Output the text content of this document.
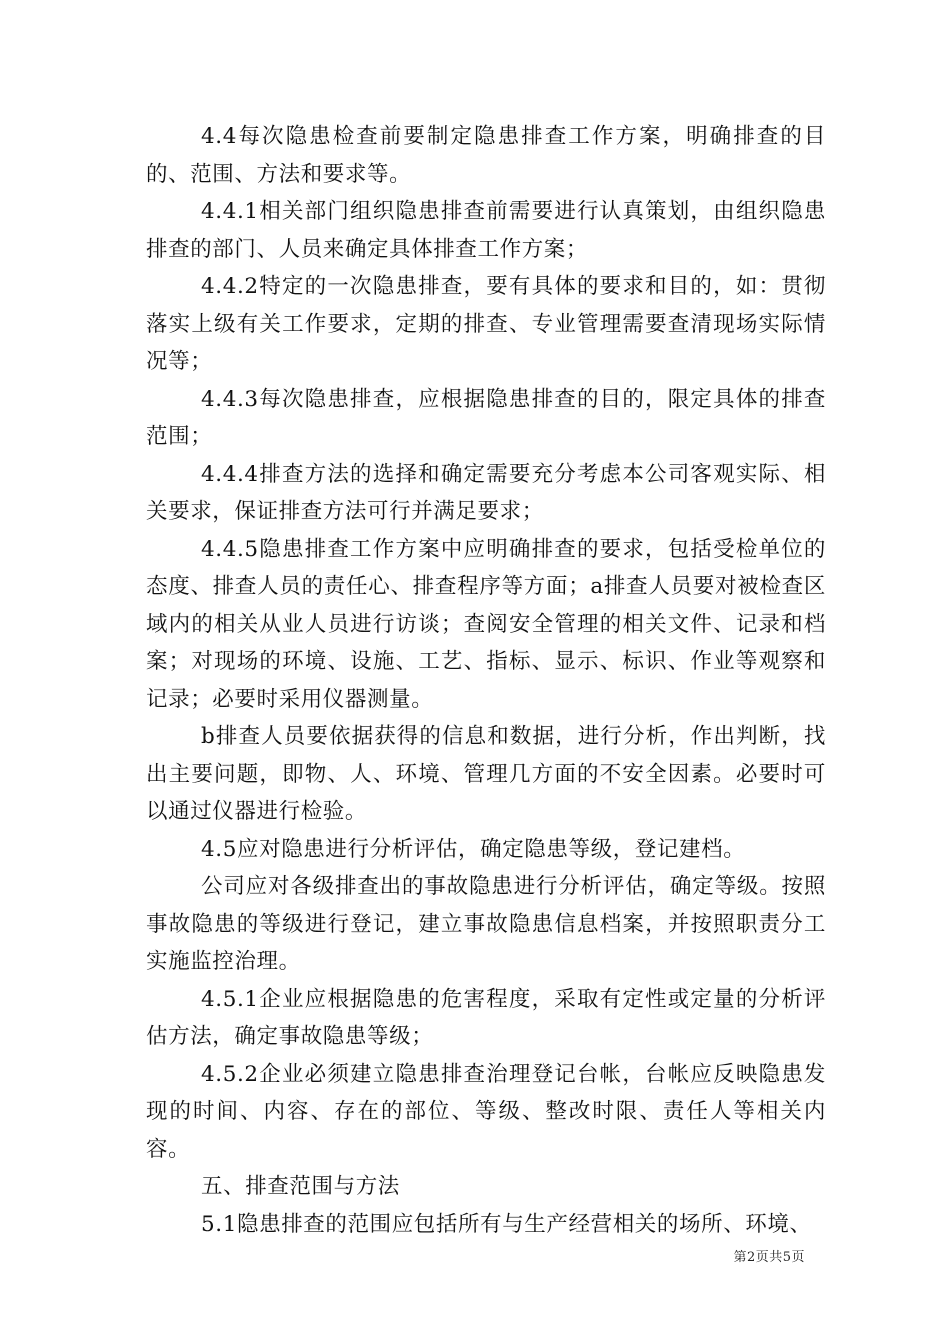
4.4每次隐患检查前要制定隐患排查工作方案，明确排查的目的、范围、方法和要求等。

4.4.1相关部门组织隐患排查前需要进行认真策划，由组织隐患排查的部门、人员来确定具体排查工作方案；

4.4.2特定的一次隐患排查，要有具体的要求和目的，如：贯彻落实上级有关工作要求，定期的排查、专业管理需要查清现场实际情况等；

4.4.3每次隐患排查，应根据隐患排查的目的，限定具体的排查范围；

4.4.4排查方法的选择和确定需要充分考虑本公司客观实际、相关要求，保证排查方法可行并满足要求；

4.4.5隐患排查工作方案中应明确排查的要求，包括受检单位的态度、排查人员的责任心、排查程序等方面；a排查人员要对被检查区域内的相关从业人员进行访谈；查阅安全管理的相关文件、记录和档案；对现场的环境、设施、工艺、指标、显示、标识、作业等观察和记录；必要时采用仪器测量。

b排查人员要依据获得的信息和数据，进行分析，作出判断，找出主要问题，即物、人、环境、管理几方面的不安全因素。必要时可以通过仪器进行检验。

4.5应对隐患进行分析评估，确定隐患等级，登记建档。

公司应对各级排查出的事故隐患进行分析评估，确定等级。按照事故隐患的等级进行登记，建立事故隐患信息档案，并按照职责分工实施监控治理。

4.5.1企业应根据隐患的危害程度，采取有定性或定量的分析评估方法，确定事故隐患等级；

4.5.2企业必须建立隐患排查治理登记台帐，台帐应反映隐患发现的时间、内容、存在的部位、等级、整改时限、责任人等相关内容。

五、排查范围与方法

5.1隐患排查的范围应包括所有与生产经营相关的场所、环境、

第2页共5页
